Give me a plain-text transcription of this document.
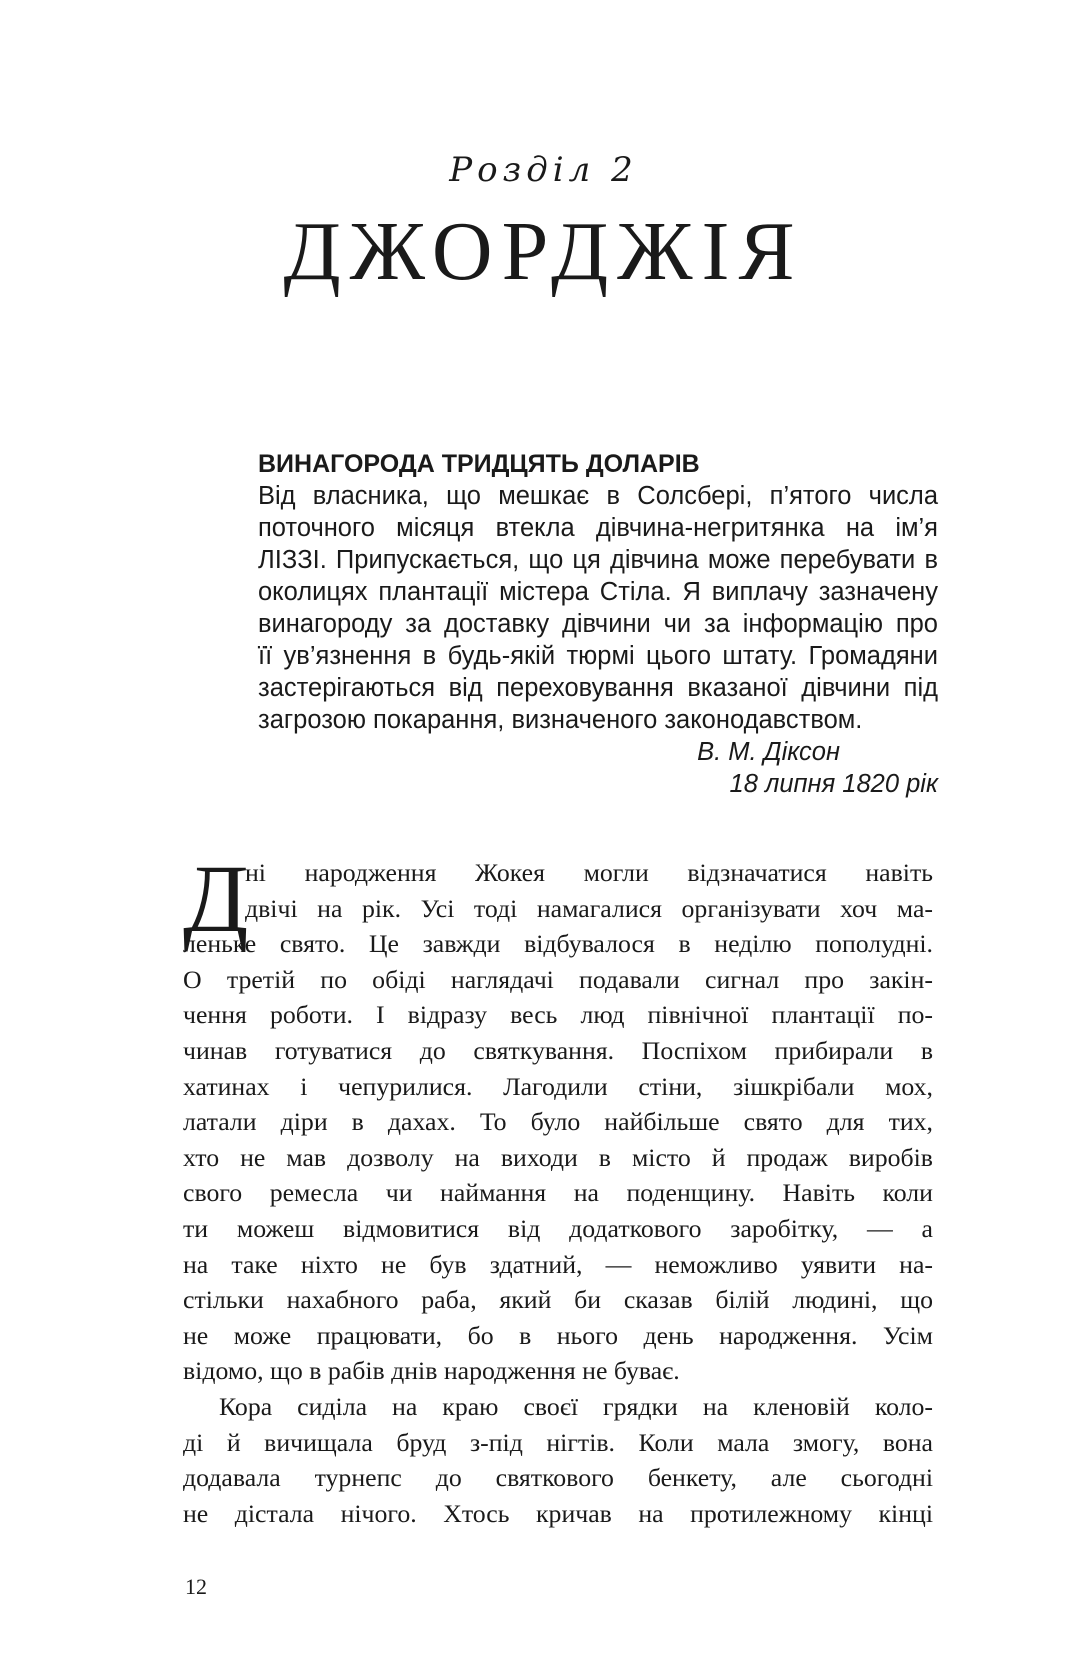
Розділ 2
ДЖОРДЖІЯ
ВИНАГОРОДА ТРИДЦЯТЬ ДОЛАРІВ
Від власника, що мешкає в Солсбері, п’ятого числа
поточного місяця втекла дівчина-негритянка на ім’я
ЛІЗЗІ. Припускається, що ця дівчина може перебувати в
околицях плантації містера Стіла. Я виплачу зазначену
винагороду за доставку дівчини чи за інформацію про
її ув’язнення в будь-якій тюрмі цього штату. Громадяни
застерігаються від переховування вказаної дівчини під
загрозою покарання, визначеного законодавством.
В. М. Діксон
18 липня 1820 рік
Д
ні народження Жокея могли відзначатися навіть
двічі на рік. Усі тоді намагалися організувати хоч ма-
леньке свято. Це завжди відбувалося в неділю пополудні.
О третій по обіді наглядачі подавали сигнал про закін-
чення роботи. І відразу весь люд північної плантації по-
чинав готуватися до святкування. Поспіхом прибирали в
хатинах і чепурилися. Лагодили стіни, зішкрібали мох,
латали діри в дахах. То було найбільше свято для тих,
хто не мав дозволу на виходи в місто й продаж виробів
свого ремесла чи наймання на поденщину. Навіть коли
ти можеш відмовитися від додаткового заробітку, — а
на таке ніхто не був здатний, — неможливо уявити на-
стільки нахабного раба, який би сказав білій людині, що
не може працювати, бо в нього день народження. Усім
відомо, що в рабів днів народження не буває.
Кора сиділа на краю своєї грядки на кленовій коло-
ді й вичищала бруд з-під нігтів. Коли мала змогу, вона
додавала турнепс до святкового бенкету, але сьогодні
не дістала нічого. Хтось кричав на протилежному кінці
12
